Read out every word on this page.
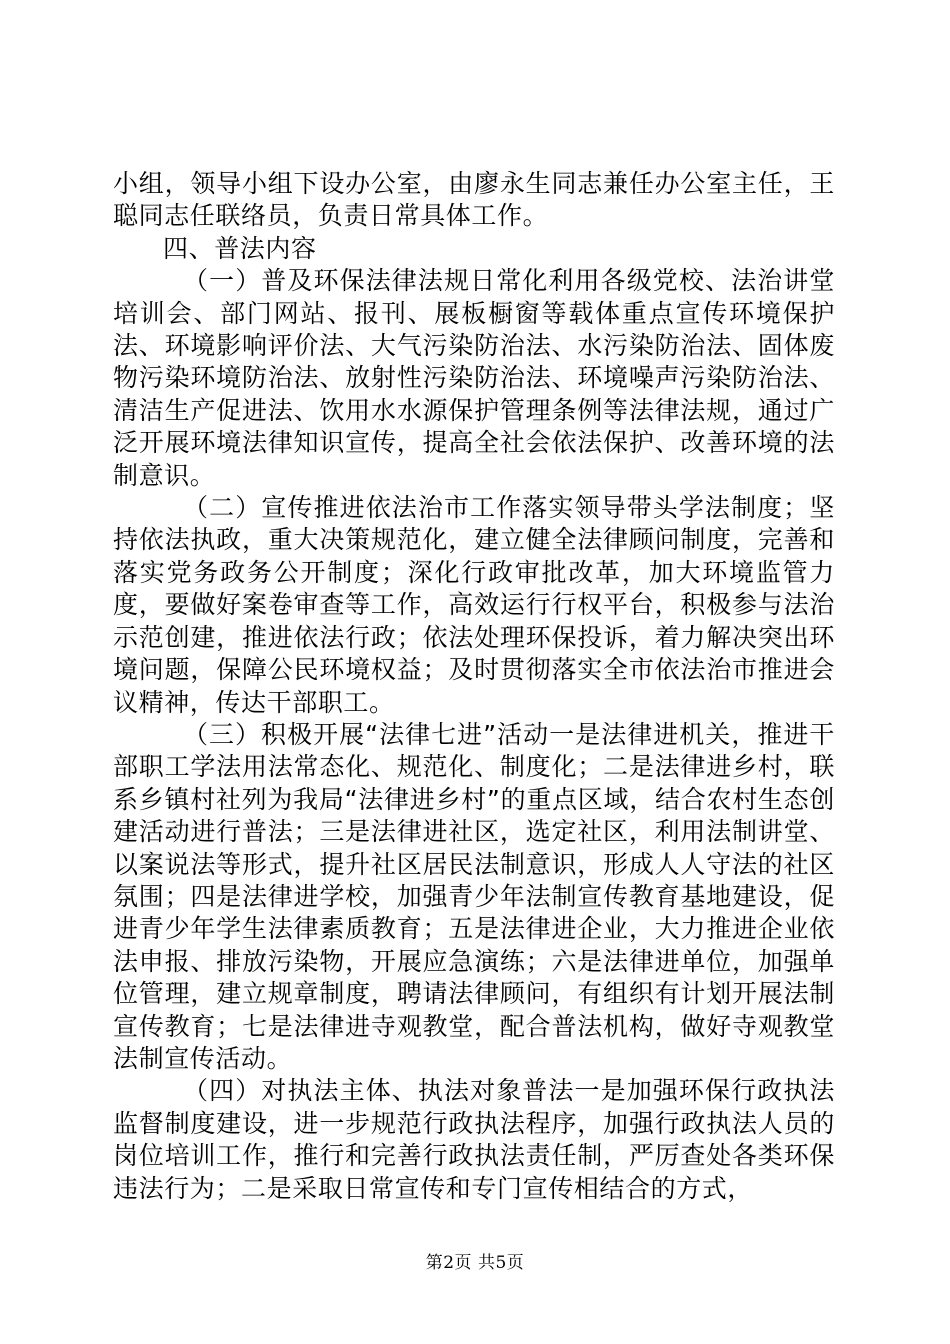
小组，领导小组下设办公室，由廖永生同志兼任办公室主任，王聪同志任联络员，负责日常具体工作。

四、普法内容

（一）普及环保法律法规日常化利用各级党校、法治讲堂培训会、部门网站、报刊、展板橱窗等载体重点宣传环境保护法、环境影响评价法、大气污染防治法、水污染防治法、固体废物污染环境防治法、放射性污染防治法、环境噪声污染防治法、清洁生产促进法、饮用水水源保护管理条例等法律法规，通过广泛开展环境法律知识宣传，提高全社会依法保护、改善环境的法制意识。

（二）宣传推进依法治市工作落实领导带头学法制度；坚持依法执政，重大决策规范化，建立健全法律顾问制度，完善和落实党务政务公开制度；深化行政审批改革，加大环境监管力度，要做好案卷审查等工作，高效运行行权平台，积极参与法治示范创建，推进依法行政；依法处理环保投诉，着力解决突出环境问题，保障公民环境权益；及时贯彻落实全市依法治市推进会议精神，传达干部职工。

（三）积极开展“法律七进”活动一是法律进机关，推进干部职工学法用法常态化、规范化、制度化；二是法律进乡村，联系乡镇村社列为我局“法律进乡村”的重点区域，结合农村生态创建活动进行普法；三是法律进社区，选定社区，利用法制讲堂、以案说法等形式，提升社区居民法制意识，形成人人守法的社区氛围；四是法律进学校，加强青少年法制宣传教育基地建设，促进青少年学生法律素质教育；五是法律进企业，大力推进企业依法申报、排放污染物，开展应急演练；六是法律进单位，加强单位管理，建立规章制度，聘请法律顾问，有组织有计划开展法制宣传教育；七是法律进寺观教堂，配合普法机构，做好寺观教堂法制宣传活动。

（四）对执法主体、执法对象普法一是加强环保行政执法监督制度建设，进一步规范行政执法程序，加强行政执法人员的岗位培训工作，推行和完善行政执法责任制，严厉查处各类环保违法行为；二是采取日常宣传和专门宣传相结合的方式，

第2页 共5页
